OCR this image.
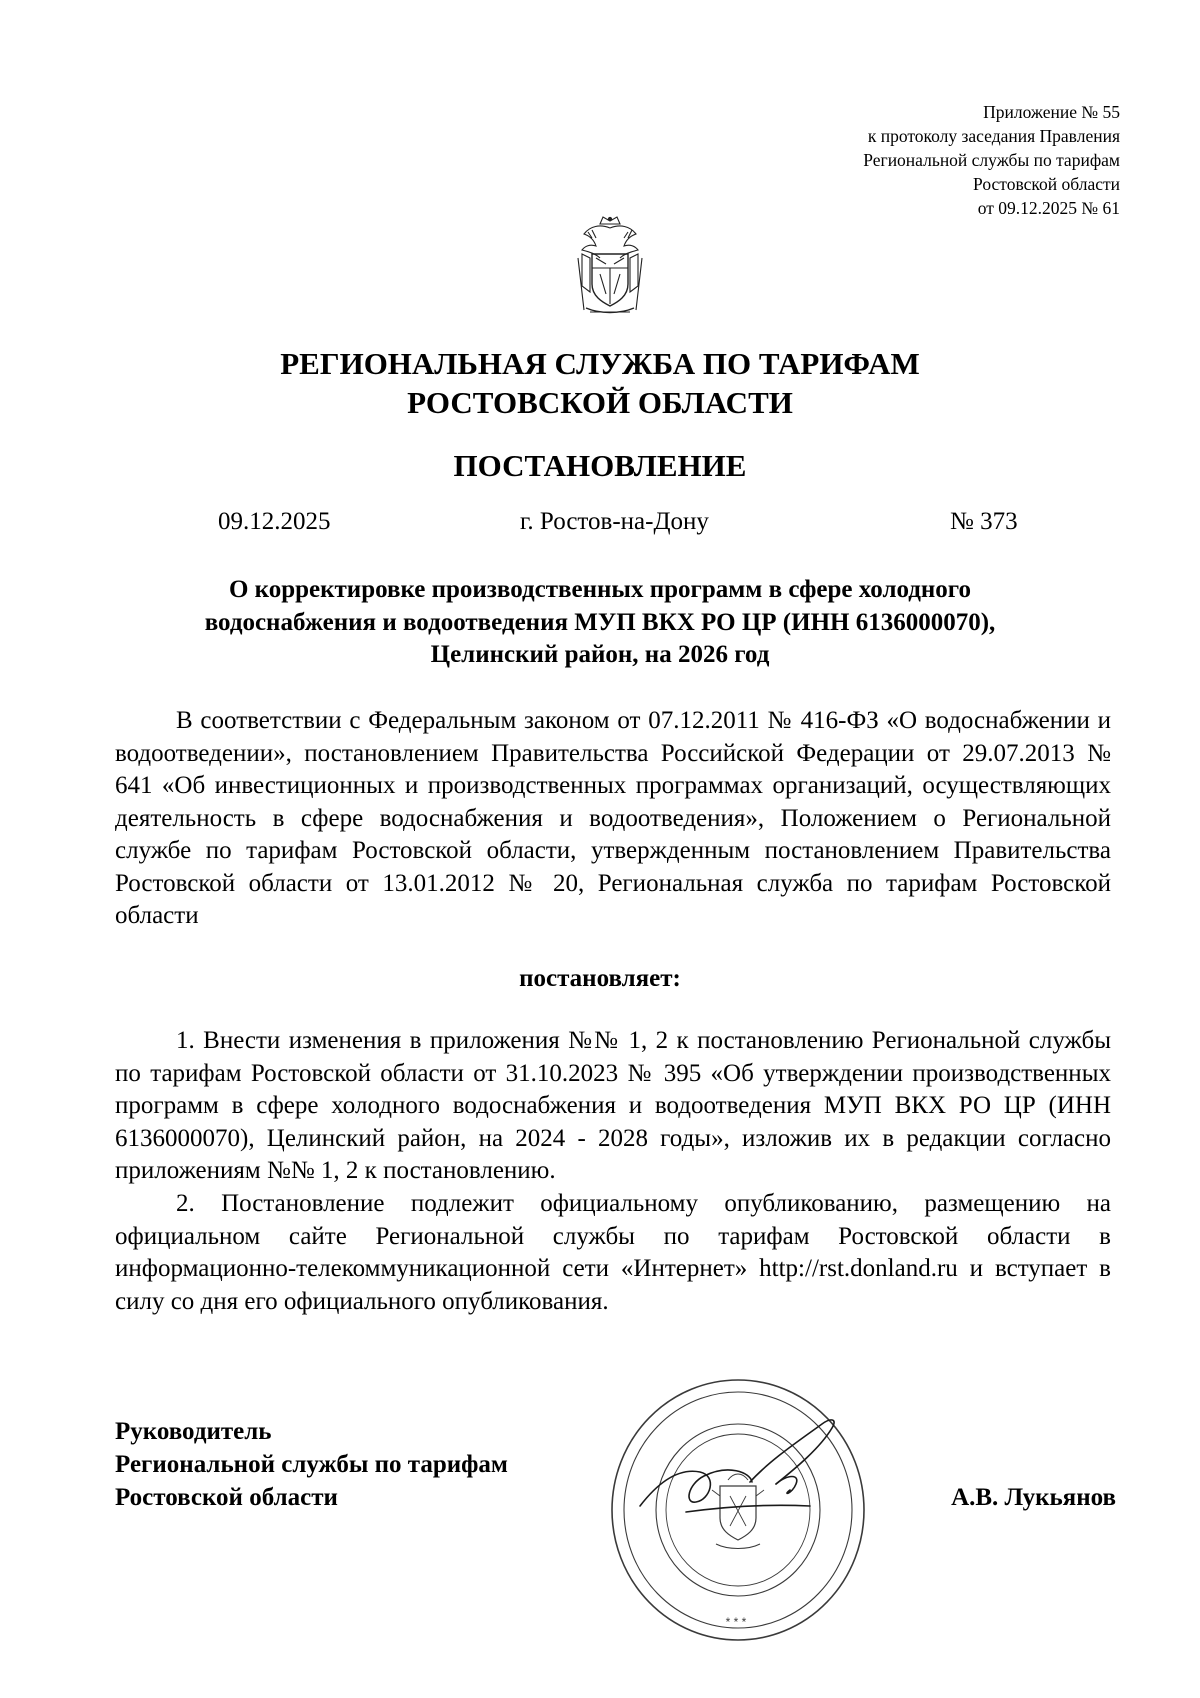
Приложение № 55
к протоколу заседания Правления
Региональной службы по тарифам
Ростовской области
от 09.12.2025 № 61
РЕГИОНАЛЬНАЯ СЛУЖБА ПО ТАРИФАМ
РОСТОВСКОЙ ОБЛАСТИ
ПОСТАНОВЛЕНИЕ
09.12.2025	г. Ростов-на-Дону	№ 373
О корректировке производственных программ в сфере холодного
водоснабжения и водоотведения МУП ВКХ РО ЦР (ИНН 6136000070),
Целинский район, на 2026 год

В соответствии с Федеральным законом от 07.12.2011 № 416-ФЗ «О водоснабжении и водоотведении», постановлением Правительства Российской Федерации от 29.07.2013 № 641 «Об инвестиционных и производственных программах организаций, осуществляющих деятельность в сфере водоснабжения и водоотведения», Положением о Региональной службе по тарифам Ростовской области, утвержденным постановлением Правительства Ростовской области от 13.01.2012 № 20, Региональная служба по тарифам Ростовской области

постановляет:

1. Внести изменения в приложения №№ 1, 2 к постановлению Региональной службы по тарифам Ростовской области от 31.10.2023 № 395 «Об утверждении производственных программ в сфере холодного водоснабжения и водоотведения МУП ВКХ РО ЦР (ИНН 6136000070), Целинский район, на 2024 - 2028 годы», изложив их в редакции согласно приложениям №№ 1, 2 к постановлению.

2. Постановление подлежит официальному опубликованию, размещению на официальном сайте Региональной службы по тарифам Ростовской области в информационно-телекоммуникационной сети «Интернет» http://rst.donland.ru и вступает в силу со дня его официального опубликования.

* * *
Руководитель
Региональной службы по тарифам
Ростовской области	А.В. Лукьянов
